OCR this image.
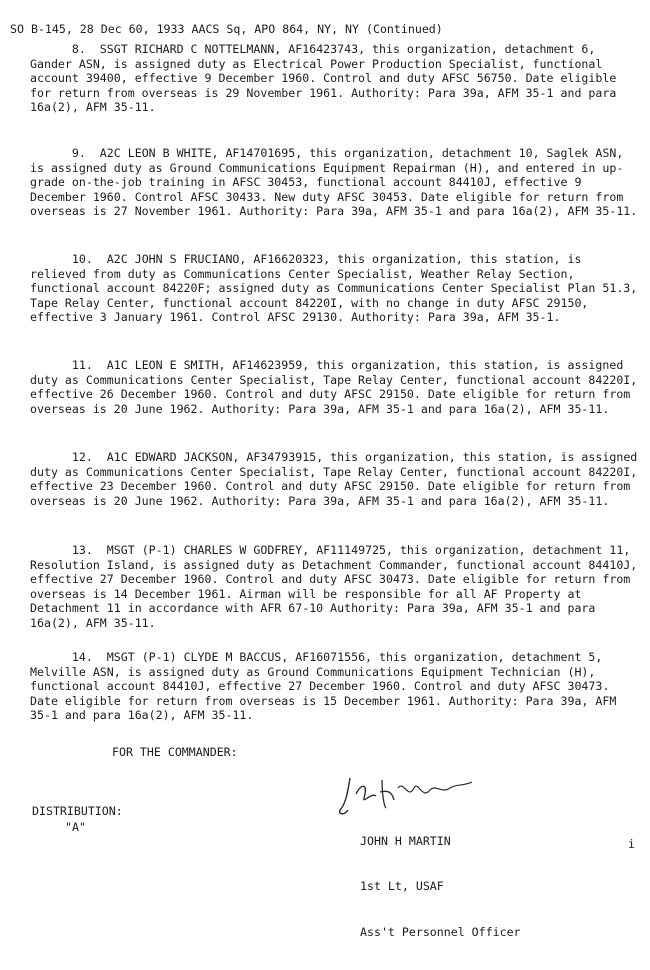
SO B-145, 28 Dec 60, 1933 AACS Sq, APO 864, NY, NY (Continued)
8.  SSGT RICHARD C NOTTELMANN, AF16423743, this organization, detachment 6, Gander ASN, is assigned duty as Electrical Power Production Specialist, functional account 39400, effective 9 December 1960. Control and duty AFSC 56750. Date eligible for return from overseas is 29 November 1961. Authority: Para 39a, AFM 35-1 and para 16a(2), AFM 35-11.
9.  A2C LEON B WHITE, AF14701695, this organization, detachment 10, Saglek ASN, is assigned duty as Ground Communications Equipment Repairman (H), and entered in up-grade on-the-job training in AFSC 30453, functional account 84410J, effective 9 December 1960. Control AFSC 30433. New duty AFSC 30453. Date eligible for return from overseas is 27 November 1961. Authority: Para 39a, AFM 35-1 and para 16a(2), AFM 35-11.
10.  A2C JOHN S FRUCIANO, AF16620323, this organization, this station, is relieved from duty as Communications Center Specialist, Weather Relay Section, functional account 84220F; assigned duty as Communications Center Specialist Plan 51.3, Tape Relay Center, functional account 84220I, with no change in duty AFSC 29150, effective 3 January 1961. Control AFSC 29130. Authority: Para 39a, AFM 35-1.
11.  A1C LEON E SMITH, AF14623959, this organization, this station, is assigned duty as Communications Center Specialist, Tape Relay Center, functional account 84220I, effective 26 December 1960. Control and duty AFSC 29150. Date eligible for return from overseas is 20 June 1962. Authority: Para 39a, AFM 35-1 and para 16a(2), AFM 35-11.
12.  A1C EDWARD JACKSON, AF34793915, this organization, this station, is assigned duty as Communications Center Specialist, Tape Relay Center, functional account 84220I, effective 23 December 1960. Control and duty AFSC 29150. Date eligible for return from overseas is 20 June 1962. Authority: Para 39a, AFM 35-1 and para 16a(2), AFM 35-11.
13.  MSGT (P-1) CHARLES W GODFREY, AF11149725, this organization, detachment 11, Resolution Island, is assigned duty as Detachment Commander, functional account 84410J, effective 27 December 1960. Control and duty AFSC 30473. Date eligible for return from overseas is 14 December 1961. Airman will be responsible for all AF Property at Detachment 11 in accordance with AFR 67-10 Authority: Para 39a, AFM 35-1 and para 16a(2), AFM 35-11.
14.  MSGT (P-1) CLYDE M BACCUS, AF16071556, this organization, detachment 5, Melville ASN, is assigned duty as Ground Communications Equipment Technician (H), functional account 84410J, effective 27 December 1960. Control and duty AFSC 30473. Date eligible for return from overseas is 15 December 1961. Authority: Para 39a, AFM 35-1 and para 16a(2), AFM 35-11.
FOR THE COMMANDER:
DISTRIBUTION:
"A"

JOHN H MARTIN

1st Lt, USAF

Ass't Personnel Officer

i
